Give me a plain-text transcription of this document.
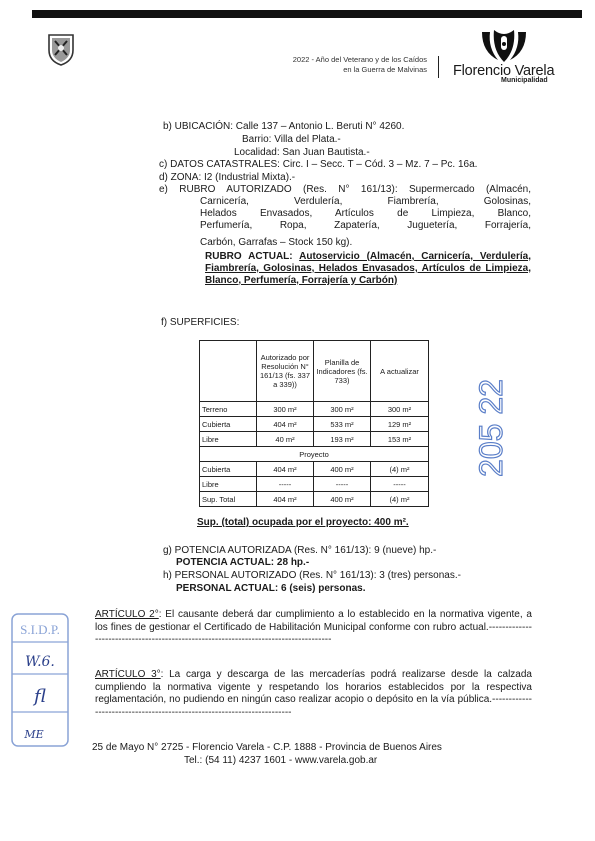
2022 - Año del Veterano y de los Caídos
en la Guerra de Malvinas Florencio Varela
Municipalidad
b) UBICACIÓN: Calle 137 – Antonio L. Beruti N° 4260.
Barrio: Villa del Plata.-
Localidad: San Juan Bautista.-
c) DATOS CATASTRALES: Circ. I – Secc. T – Cód. 3 – Mz. 7 – Pc. 16a.
d) ZONA: I2 (Industrial Mixta).-
e) RUBRO AUTORIZADO (Res. N° 161/13): Supermercado (Almacén,
Carnicería, Verdulería, Fiambrería, Golosinas,
Helados Envasados, Artículos de Limpieza, Blanco,
Perfumería, Ropa, Zapatería, Juguetería, Forrajería,
Carbón, Garrafas – Stock 150 kg).
RUBRO ACTUAL: Autoservicio (Almacén, Carnicería, Verdulería, Fiambrería, Golosinas, Helados Envasados, Artículos de Limpieza, Blanco, Perfumería, Forrajería y Carbón)
f) SUPERFICIES:
	Autorizado por Resolución N° 161/13 (fs. 337 a 339))	Planilla de Indicadores (fs. 733)	A actualizar
Terreno	300 m²	300 m²	300 m²
Cubierta	404 m²	533 m²	129 m²
Libre	40 m²	193 m²	153 m²
Proyecto			
Cubierta	404 m²	400 m²	(4) m²
Libre	-----	-----	-----
Sup. Total	404 m²	400 m²	(4) m²
Sup. (total) ocupada por el proyecto: 400 m².
205 22
g) POTENCIA AUTORIZADA (Res. N° 161/13): 9 (nueve) hp.-
POTENCIA ACTUAL: 28 hp.-
h) PERSONAL AUTORIZADO (Res. N° 161/13): 3 (tres) personas.-
PERSONAL ACTUAL: 6 (seis) personas.
ARTÍCULO 2°: El causante deberá dar cumplimiento a lo establecido en la normativa vigente, a los fines de gestionar el Certificado de Habilitación Municipal conforme con rubro actual.------------------------------------------------------------------------------------
ARTÍCULO 3°: La carga y descarga de las mercaderías podrá realizarse desde la calzada cumpliendo la normativa vigente y respetando los horarios establecidos por la respectiva reglamentación, no pudiendo en ningún caso realizar acopio o depósito en la vía pública.-----------------------------------------------------------------------
S.I.D.P.
W.6.
fl
ME
25 de Mayo N° 2725 - Florencio Varela - C.P. 1888 - Provincia de Buenos Aires
Tel.: (54 11) 4237 1601 - www.varela.gob.ar
